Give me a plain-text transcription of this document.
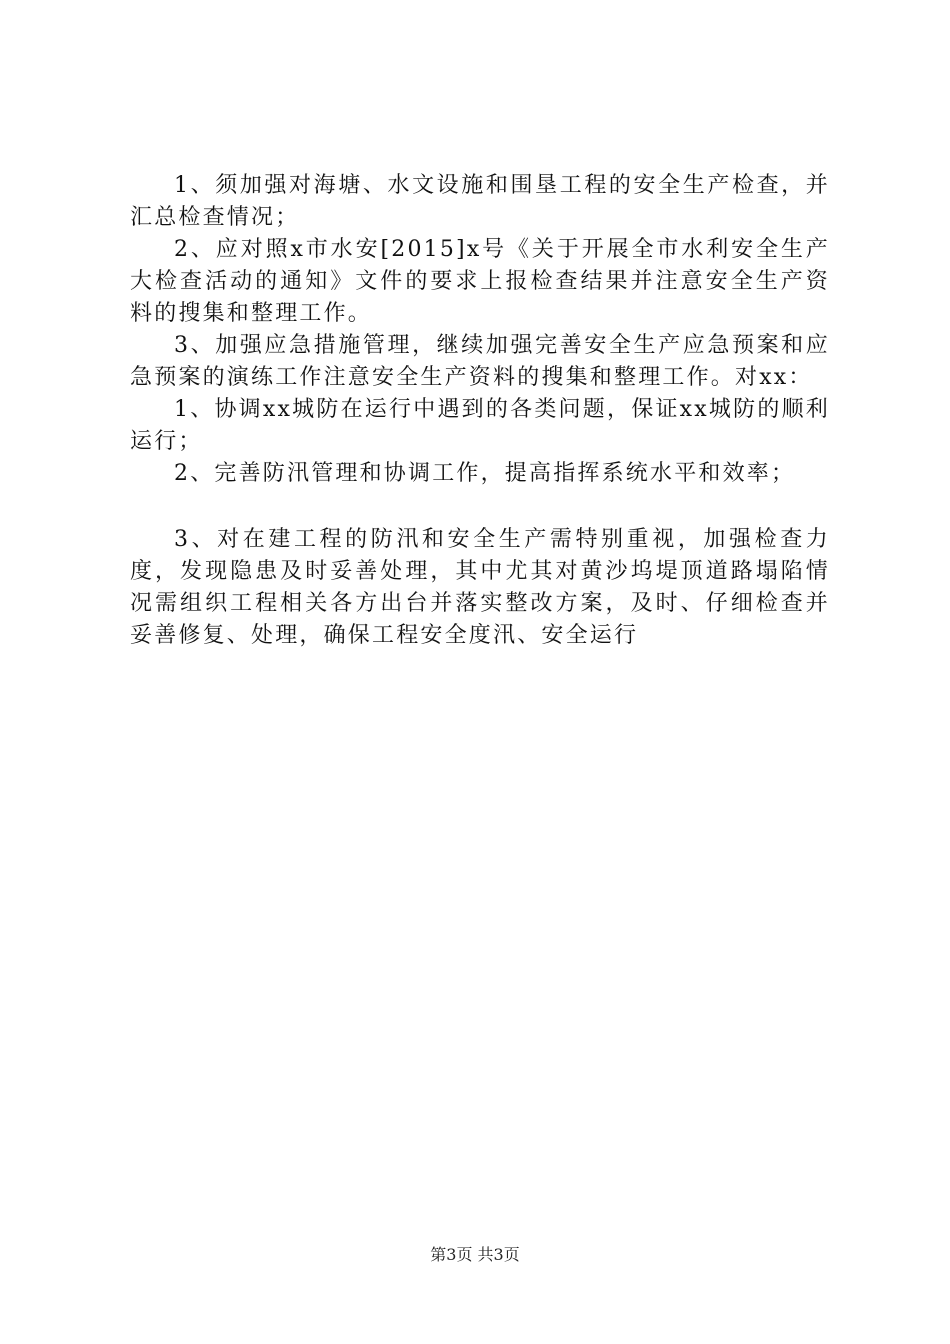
1、须加强对海塘、水文设施和围垦工程的安全生产检查，并汇总检查情况；

2、应对照x市水安[2015]x号《关于开展全市水利安全生产大检查活动的通知》文件的要求上报检查结果并注意安全生产资料的搜集和整理工作。

3、加强应急措施管理，继续加强完善安全生产应急预案和应急预案的演练工作注意安全生产资料的搜集和整理工作。对xx：

1、协调xx城防在运行中遇到的各类问题，保证xx城防的顺利运行；

2、完善防汛管理和协调工作，提高指挥系统水平和效率；

3、对在建工程的防汛和安全生产需特别重视，加强检查力度，发现隐患及时妥善处理，其中尤其对黄沙坞堤顶道路塌陷情况需组织工程相关各方出台并落实整改方案，及时、仔细检查并妥善修复、处理，确保工程安全度汛、安全运行

第3页 共3页
